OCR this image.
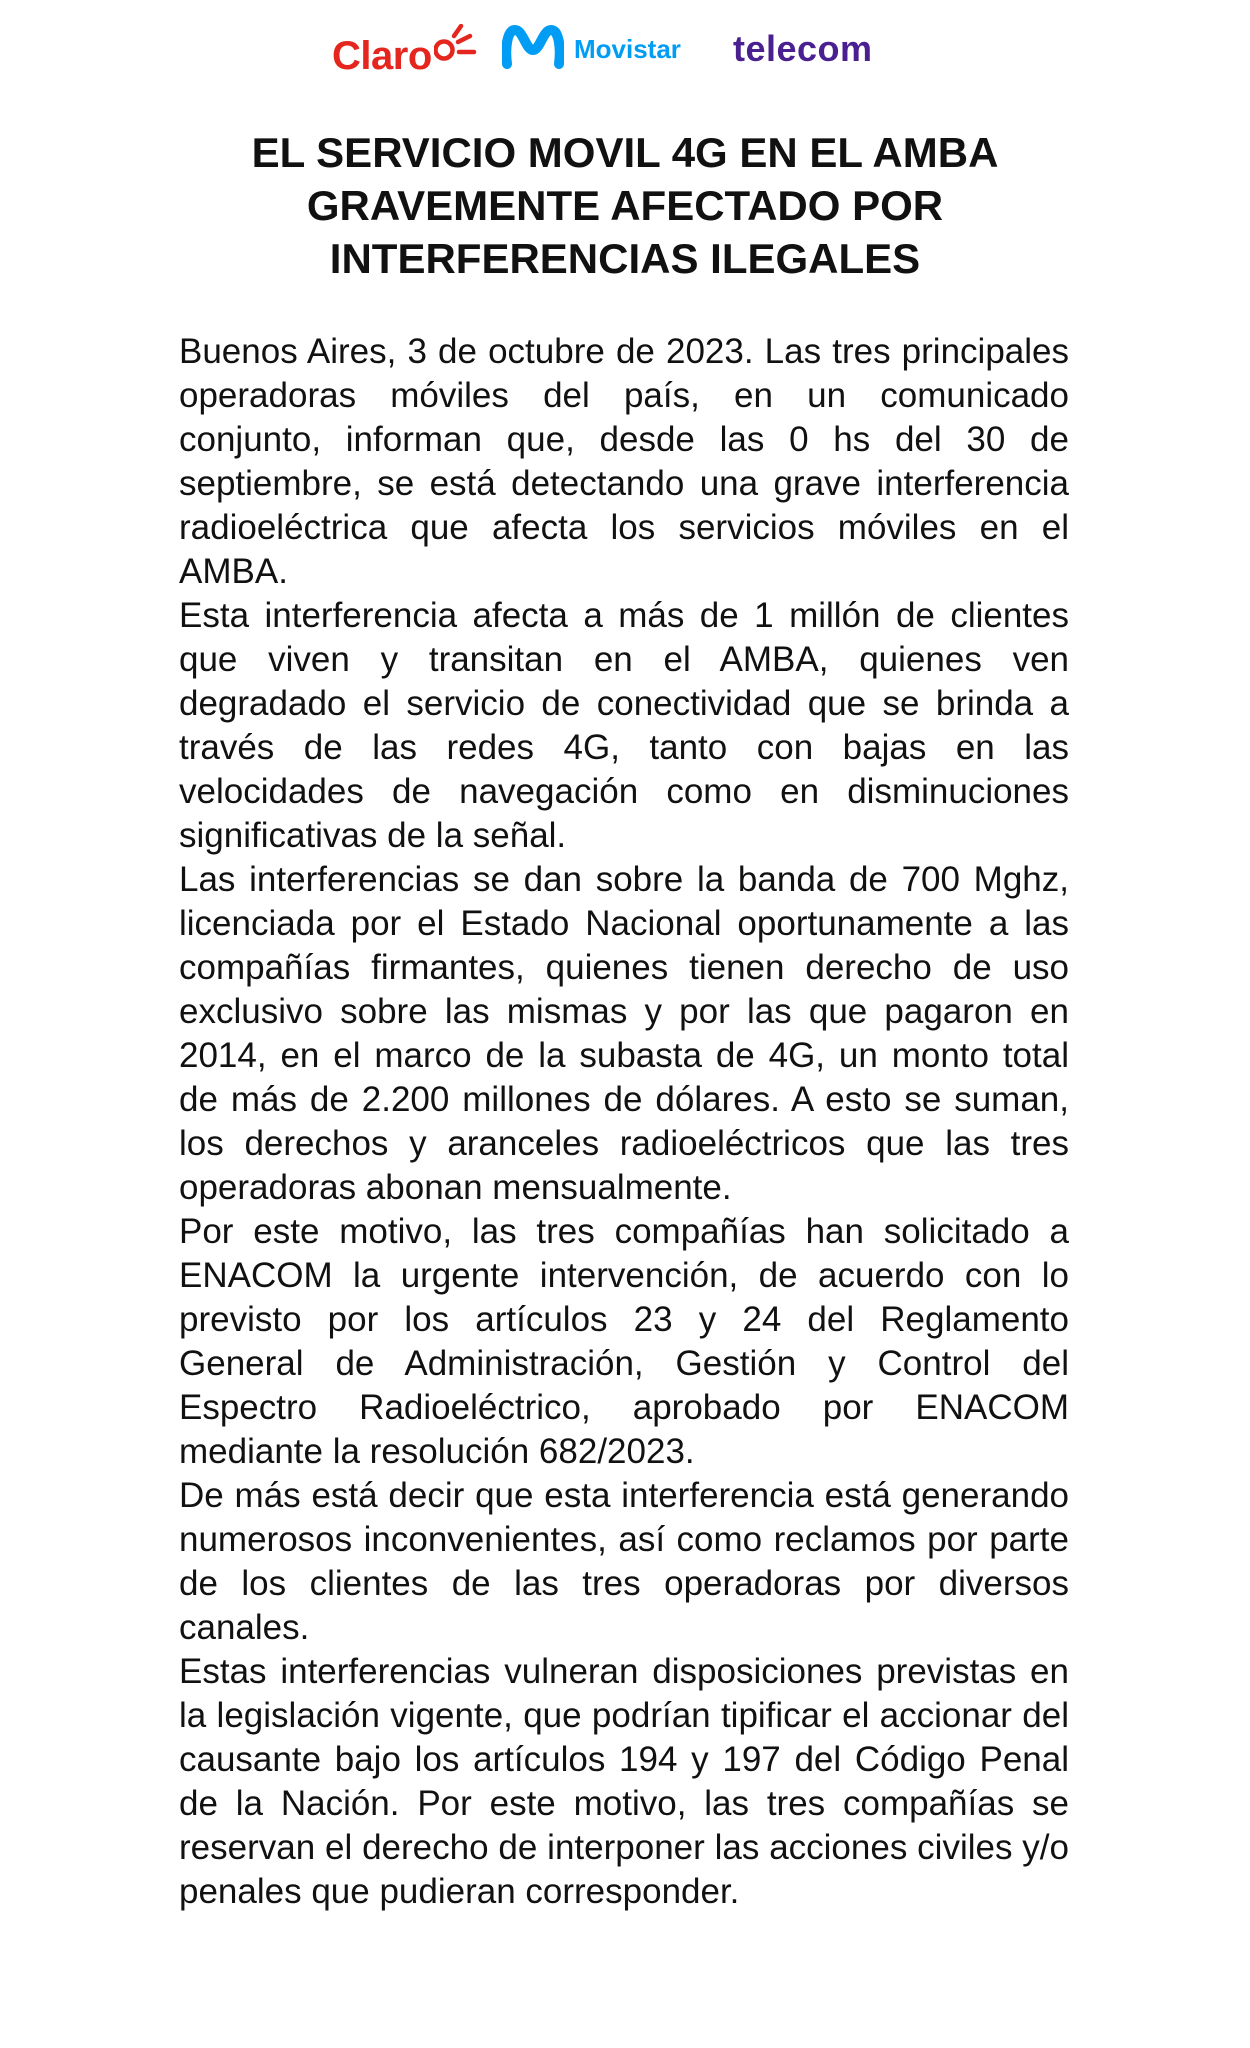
Claro	Movistar telecom
EL SERVICIO MOVIL 4G EN EL AMBA GRAVEMENTE AFECTADO POR INTERFERENCIAS ILEGALES

Buenos Aires, 3 de octubre de 2023. Las tres principales operadoras móviles del país, en un comunicado conjunto, informan que, desde las 0 hs del 30 de septiembre, se está detectando una grave interferencia radioeléctrica que afecta los servicios móviles en el AMBA.

Esta interferencia afecta a más de 1 millón de clientes que viven y transitan en el AMBA, quienes ven degradado el servicio de conectividad que se brinda a través de las redes 4G, tanto con bajas en las velocidades de navegación como en disminuciones significativas de la señal.

Las interferencias se dan sobre la banda de 700 Mghz, licenciada por el Estado Nacional oportunamente a las compañías firmantes, quienes tienen derecho de uso exclusivo sobre las mismas y por las que pagaron en 2014, en el marco de la subasta de 4G, un monto total de más de 2.200 millones de dólares. A esto se suman, los derechos y aranceles radioeléctricos que las tres operadoras abonan mensualmente.

Por este motivo, las tres compañías han solicitado a ENACOM la urgente intervención, de acuerdo con lo previsto por los artículos 23 y 24 del Reglamento General de Administración, Gestión y Control del Espectro Radioeléctrico, aprobado por ENACOM mediante la resolución 682/2023.

De más está decir que esta interferencia está generando numerosos inconvenientes, así como reclamos por parte de los clientes de las tres operadoras por diversos canales.

Estas interferencias vulneran disposiciones previstas en la legislación vigente, que podrían tipificar el accionar del causante bajo los artículos 194 y 197 del Código Penal de la Nación. Por este motivo, las tres compañías se reservan el derecho de interponer las acciones civiles y/o penales que pudieran corresponder.
